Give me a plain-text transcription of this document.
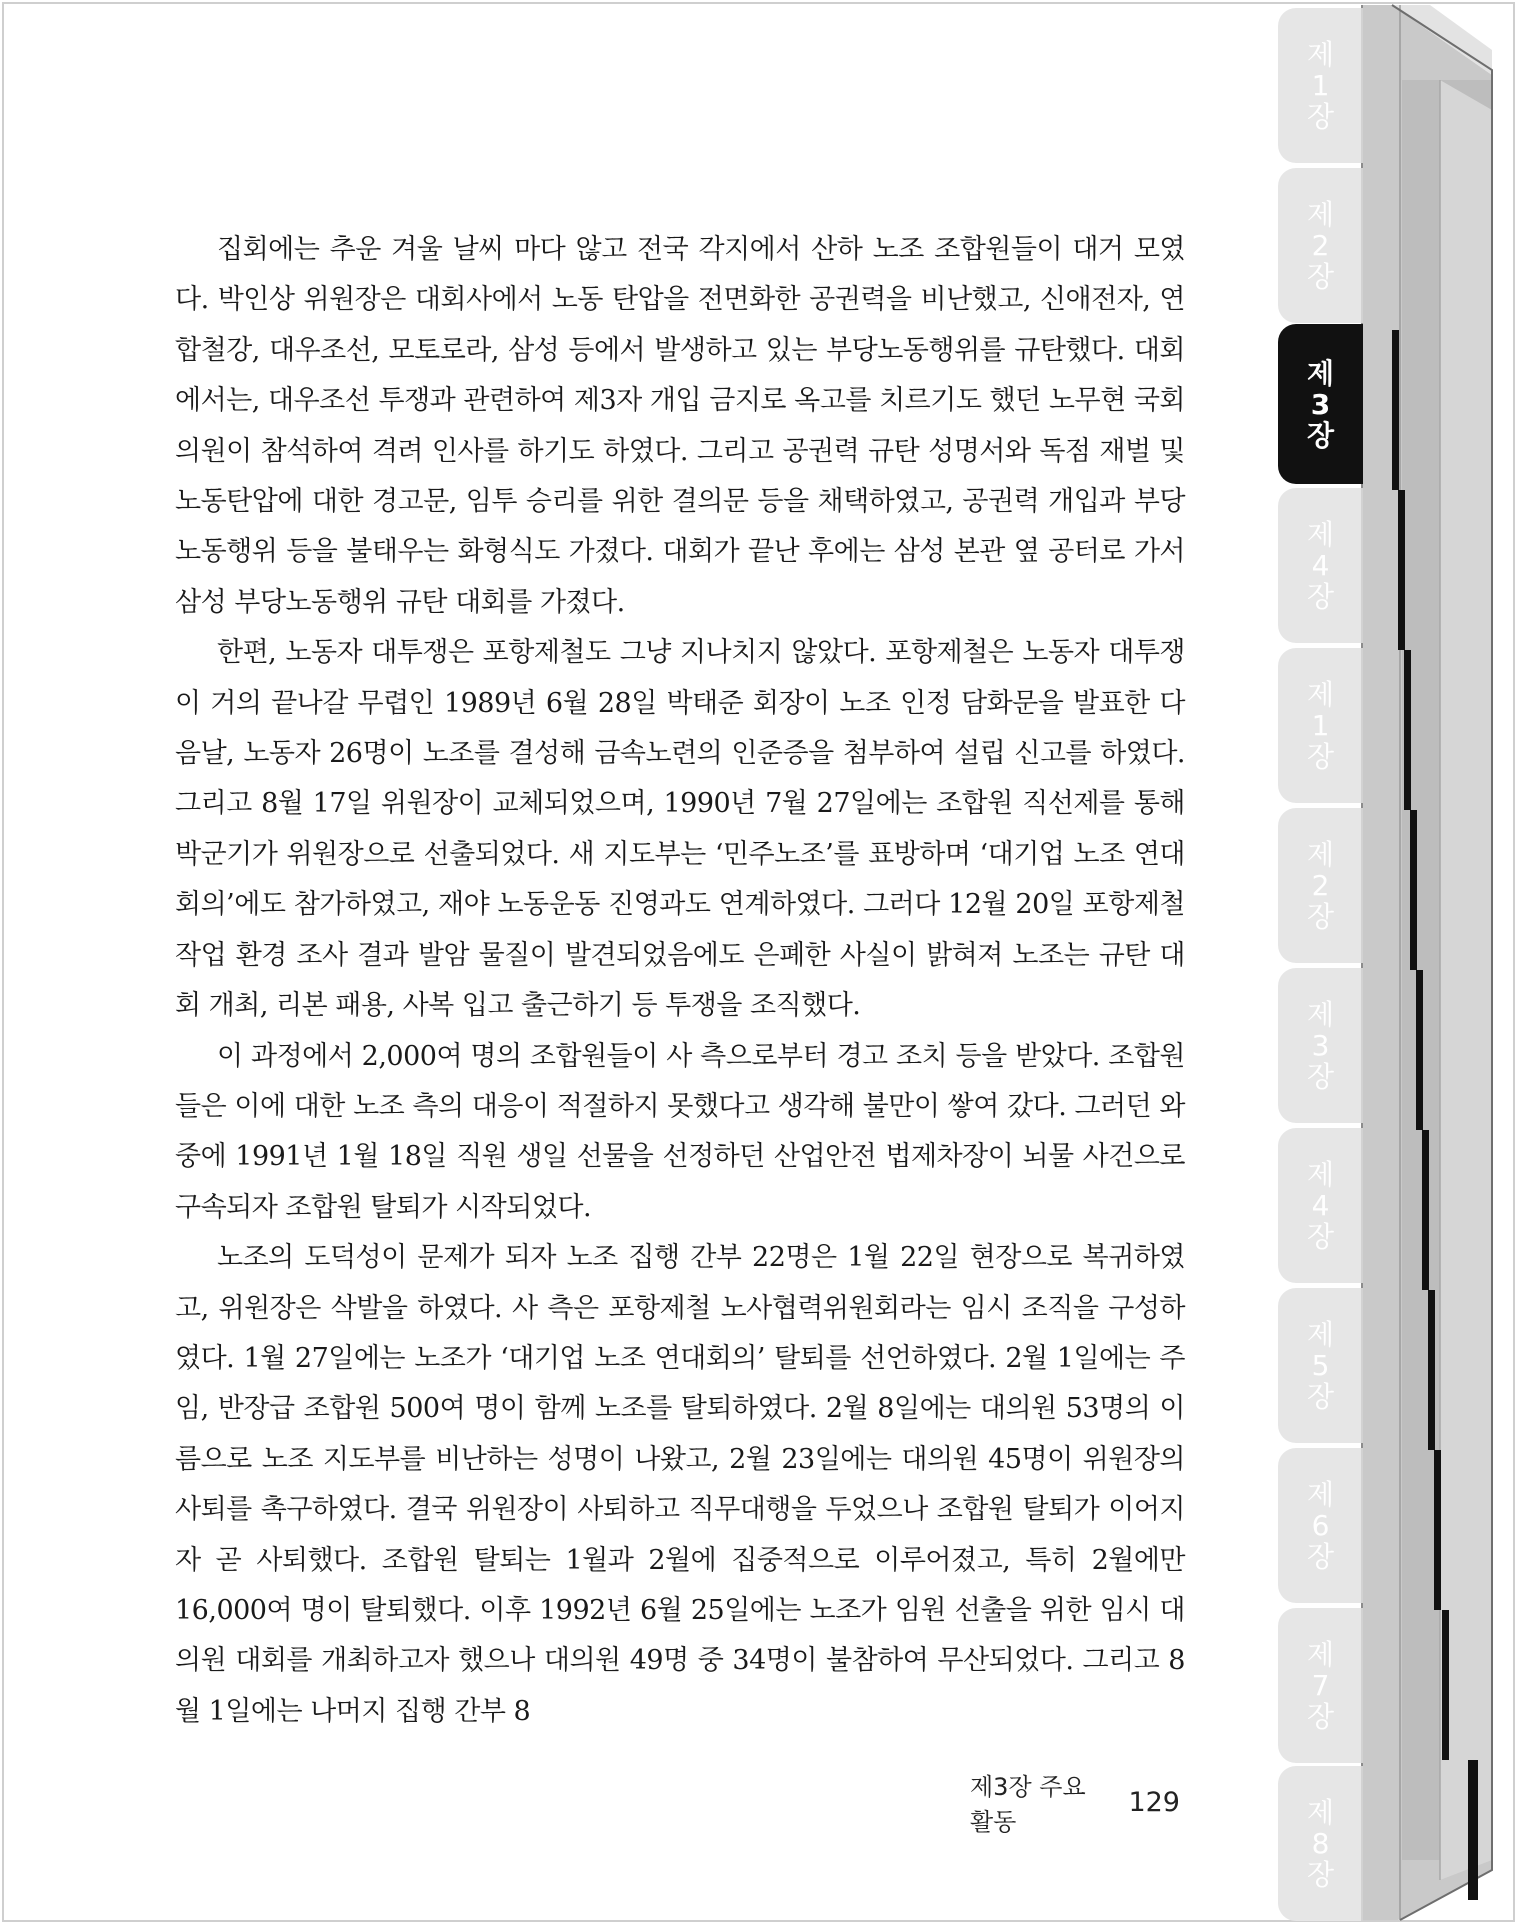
집회에는 추운 겨울 날씨 마다 않고 전국 각지에서 산하 노조 조합원들이 대거 모였다. 박인상 위원장은 대회사에서 노동 탄압을 전면화한 공권력을 비난했고, 신애전자, 연합철강, 대우조선, 모토로라, 삼성 등에서 발생하고 있는 부당노동행위를 규탄했다. 대회에서는, 대우조선 투쟁과 관련하여 제3자 개입 금지로 옥고를 치르기도 했던 노무현 국회의원이 참석하여 격려 인사를 하기도 하였다. 그리고 공권력 규탄 성명서와 독점 재벌 및 노동탄압에 대한 경고문, 임투 승리를 위한 결의문 등을 채택하였고, 공권력 개입과 부당노동행위 등을 불태우는 화형식도 가졌다. 대회가 끝난 후에는 삼성 본관 옆 공터로 가서 삼성 부당노동행위 규탄 대회를 가졌다.

한편, 노동자 대투쟁은 포항제철도 그냥 지나치지 않았다. 포항제철은 노동자 대투쟁이 거의 끝나갈 무렵인 1989년 6월 28일 박태준 회장이 노조 인정 담화문을 발표한 다음날, 노동자 26명이 노조를 결성해 금속노련의 인준증을 첨부하여 설립 신고를 하였다. 그리고 8월 17일 위원장이 교체되었으며, 1990년 7월 27일에는 조합원 직선제를 통해 박군기가 위원장으로 선출되었다. 새 지도부는 ‘민주노조’를 표방하며 ‘대기업 노조 연대회의’에도 참가하였고, 재야 노동운동 진영과도 연계하였다. 그러다 12월 20일 포항제철 작업 환경 조사 결과 발암 물질이 발견되었음에도 은폐한 사실이 밝혀져 노조는 규탄 대회 개최, 리본 패용, 사복 입고 출근하기 등 투쟁을 조직했다.

이 과정에서 2,000여 명의 조합원들이 사 측으로부터 경고 조치 등을 받았다. 조합원들은 이에 대한 노조 측의 대응이 적절하지 못했다고 생각해 불만이 쌓여 갔다. 그러던 와중에 1991년 1월 18일 직원 생일 선물을 선정하던 산업안전 법제차장이 뇌물 사건으로 구속되자 조합원 탈퇴가 시작되었다.

노조의 도덕성이 문제가 되자 노조 집행 간부 22명은 1월 22일 현장으로 복귀하였고, 위원장은 삭발을 하였다. 사 측은 포항제철 노사협력위원회라는 임시 조직을 구성하였다. 1월 27일에는 노조가 ‘대기업 노조 연대회의’ 탈퇴를 선언하였다. 2월 1일에는 주임, 반장급 조합원 500여 명이 함께 노조를 탈퇴하였다. 2월 8일에는 대의원 53명의 이름으로 노조 지도부를 비난하는 성명이 나왔고, 2월 23일에는 대의원 45명이 위원장의 사퇴를 촉구하였다. 결국 위원장이 사퇴하고 직무대행을 두었으나 조합원 탈퇴가 이어지자 곧 사퇴했다. 조합원 탈퇴는 1월과 2월에 집중적으로 이루어졌고, 특히 2월에만 16,000여 명이 탈퇴했다. 이후 1992년 6월 25일에는 노조가 임원 선출을 위한 임시 대의원 대회를 개최하고자 했으나 대의원 49명 중 34명이 불참하여 무산되었다. 그리고 8월 1일에는 나머지 집행 간부 8

제3장 주요 활동
129
제
1
장
제
2
장
제
3
장
제
4
장
제
1
장
제
2
장
제
3
장
제
4
장
제
5
장
제
6
장
제
7
장
제
8
장
